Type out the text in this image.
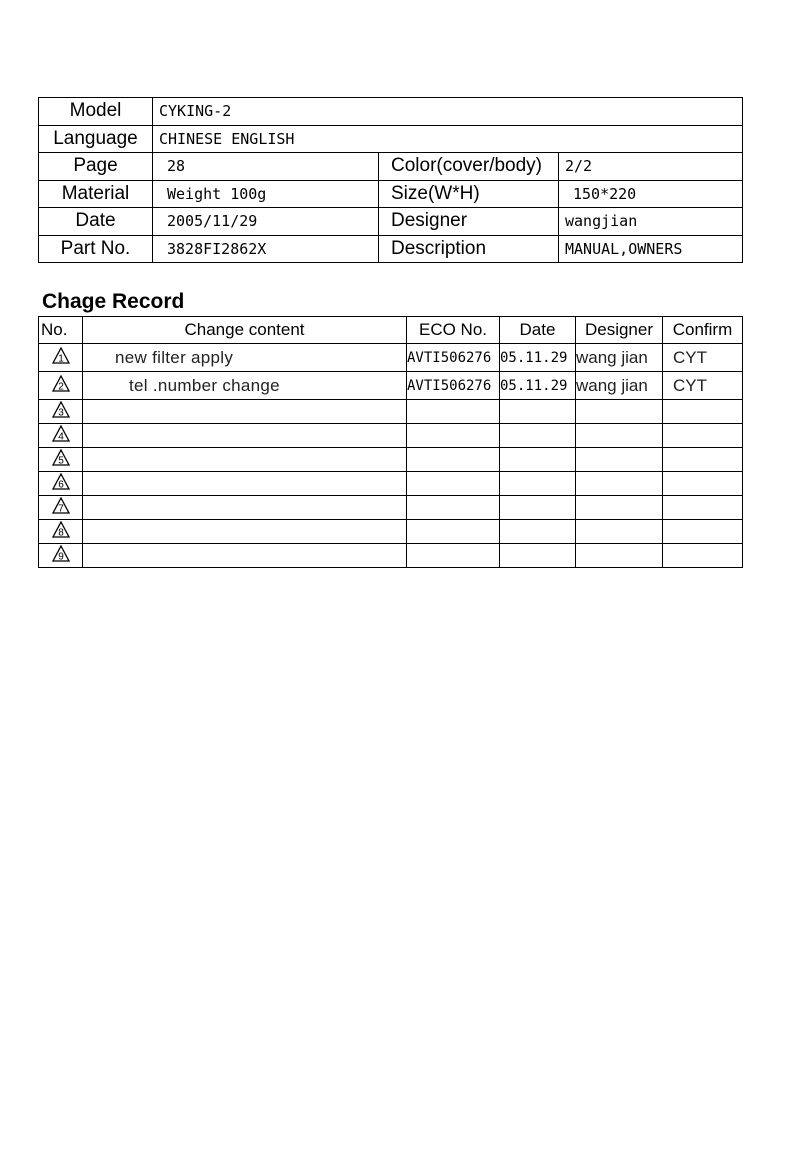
Model	CYKING-2		
Language	CHINESE ENGLISH		
Page	28	Color(cover/body)	2/2
Material	Weight 100g	Size(W*H)	150*220
Date	2005/11/29	Designer	wangjian
Part No.	3828FI2862X	Description	MANUAL,OWNERS
Chage Record
No.	Change content	ECO No.	Date	Designer	Confirm

1	new filter apply	AVTI506276	05.11.29	wang jian	CYT

2	tel .number change	AVTI506276	05.11.29	wang jian	CYT

3					

4					

5					

6					

7					

8					

9					
